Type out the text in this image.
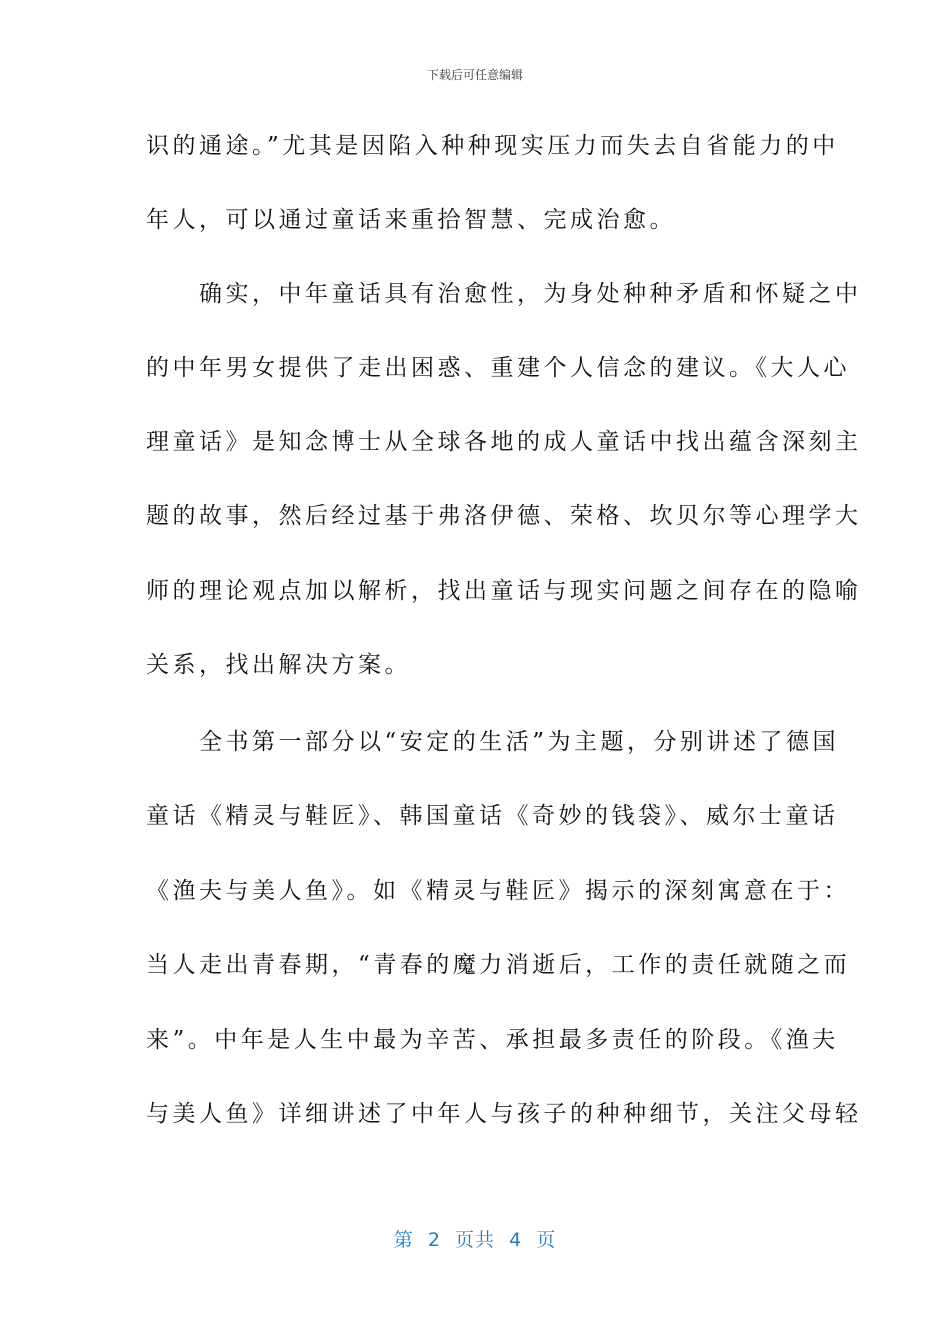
下载后可任意编辑
识的通途。”尤其是因陷入种种现实压力而失去自省能力的中
年人，可以通过童话来重拾智慧、完成治愈。
　　确实，中年童话具有治愈性，为身处种种矛盾和怀疑之中
的中年男女提供了走出困惑、重建个人信念的建议。《大人心
理童话》是知念博士从全球各地的成人童话中找出蕴含深刻主
题的故事，然后经过基于弗洛伊德、荣格、坎贝尔等心理学大
师的理论观点加以解析，找出童话与现实问题之间存在的隐喻
关系，找出解决方案。
　　全书第一部分以“安定的生活”为主题，分别讲述了德国
童话《精灵与鞋匠》、韩国童话《奇妙的钱袋》、威尔士童话
《渔夫与美人鱼》。如《精灵与鞋匠》揭示的深刻寓意在于：
当人走出青春期，“青春的魔力消逝后，工作的责任就随之而
来”。中年是人生中最为辛苦、承担最多责任的阶段。《渔夫
与美人鱼》详细讲述了中年人与孩子的种种细节，关注父母轻
第  2  页共  4  页
